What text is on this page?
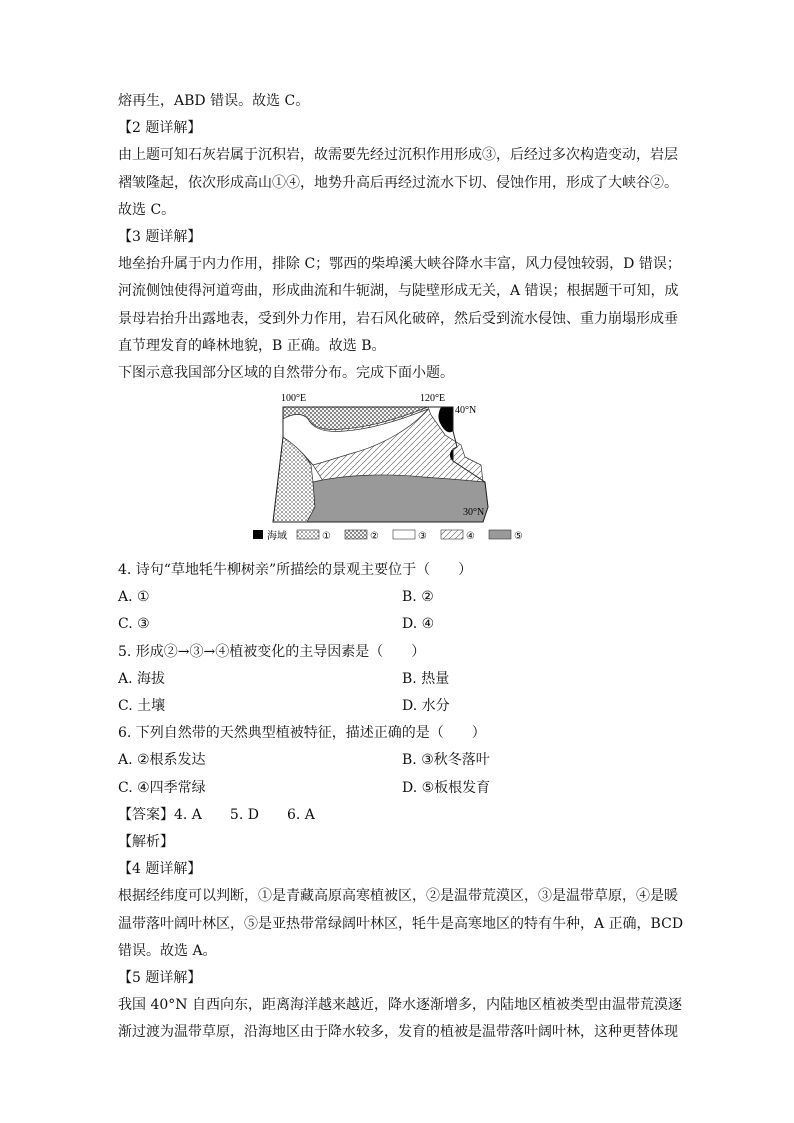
熔再生，ABD 错误。故选 C。
【2 题详解】
由上题可知石灰岩属于沉积岩，故需要先经过沉积作用形成③，后经过多次构造变动，岩层
褶皱隆起，依次形成高山①④，地势升高后再经过流水下切、侵蚀作用，形成了大峡谷②。
故选 C。
【3 题详解】
地垒抬升属于内力作用，排除 C；鄂西的柴埠溪大峡谷降水丰富，风力侵蚀较弱，D 错误；
河流侧蚀使得河道弯曲，形成曲流和牛轭湖，与陡壁形成无关，A 错误；根据题干可知，成
景母岩抬升出露地表，受到外力作用，岩石风化破碎，然后受到流水侵蚀、重力崩塌形成垂
直节理发育的峰林地貌，B 正确。故选 B。
下图示意我国部分区域的自然带分布。完成下面小题。
100°E	120°E
40°N
30°N
海域	①	②	③	④	⑤
4. 诗句“草地牦牛柳树亲”所描绘的景观主要位于（　　）
A. ①	B. ②
C. ③	D. ④
5. 形成②→③→④植被变化的主导因素是（　　）
A. 海拔	B. 热量
C. 土壤	D. 水分
6. 下列自然带的天然典型植被特征，描述正确的是（　　）
A. ②根系发达	B. ③秋冬落叶
C. ④四季常绿	D. ⑤板根发育
【答案】4. A　　5. D　　6. A
【解析】
【4 题详解】
根据经纬度可以判断，①是青藏高原高寒植被区，②是温带荒漠区，③是温带草原，④是暖
温带落叶阔叶林区，⑤是亚热带常绿阔叶林区，牦牛是高寒地区的特有牛种，A 正确，BCD
错误。故选 A。
【5 题详解】
我国 40°N 自西向东，距离海洋越来越近，降水逐渐增多，内陆地区植被类型由温带荒漠逐
渐过渡为温带草原，沿海地区由于降水较多，发育的植被是温带落叶阔叶林，这种更替体现
